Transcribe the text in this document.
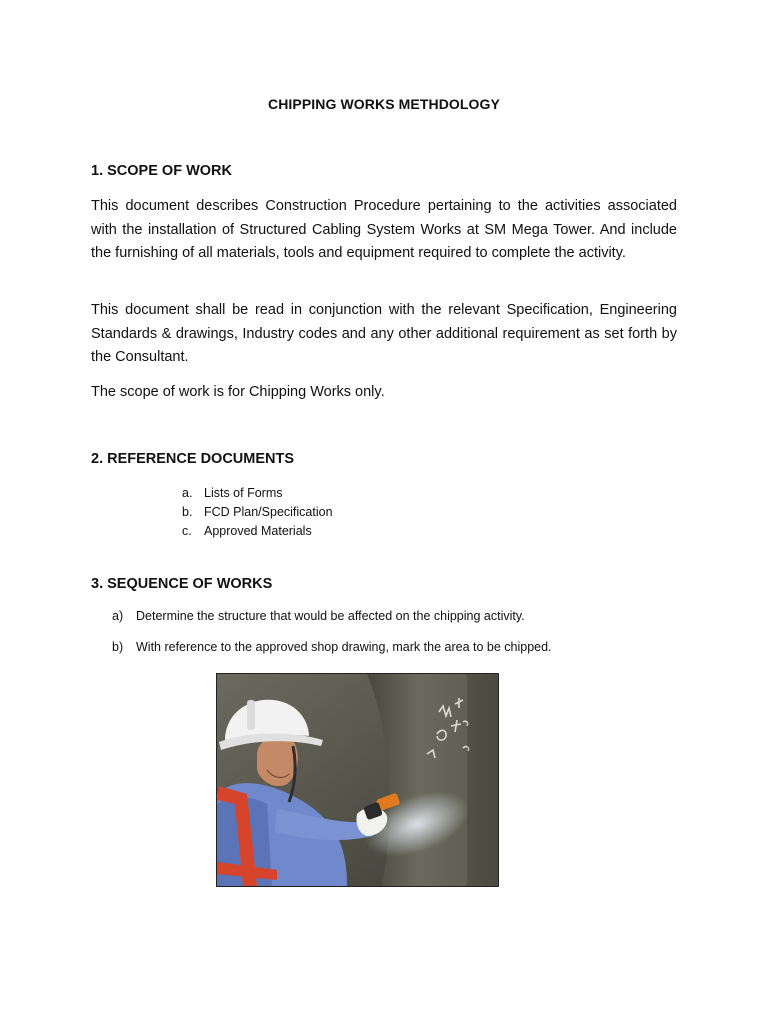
CHIPPING WORKS METHDOLOGY
1. SCOPE OF WORK

This document describes Construction Procedure pertaining to the activities associated with the installation of Structured Cabling System Works at SM Mega Tower. And include the furnishing of all materials, tools and equipment required to complete the activity.

This document shall be read in conjunction with the relevant Specification, Engineering Standards & drawings, Industry codes and any other additional requirement as set forth by the Consultant.

The scope of work is for Chipping Works only.

2. REFERENCE DOCUMENTS
a. Lists of Forms
b. FCD Plan/Specification
c. Approved Materials
3. SEQUENCE OF WORKS
a)	Determine the structure that would be affected on the chipping activity.
b)	With reference to the approved shop drawing, mark the area to be chipped.
